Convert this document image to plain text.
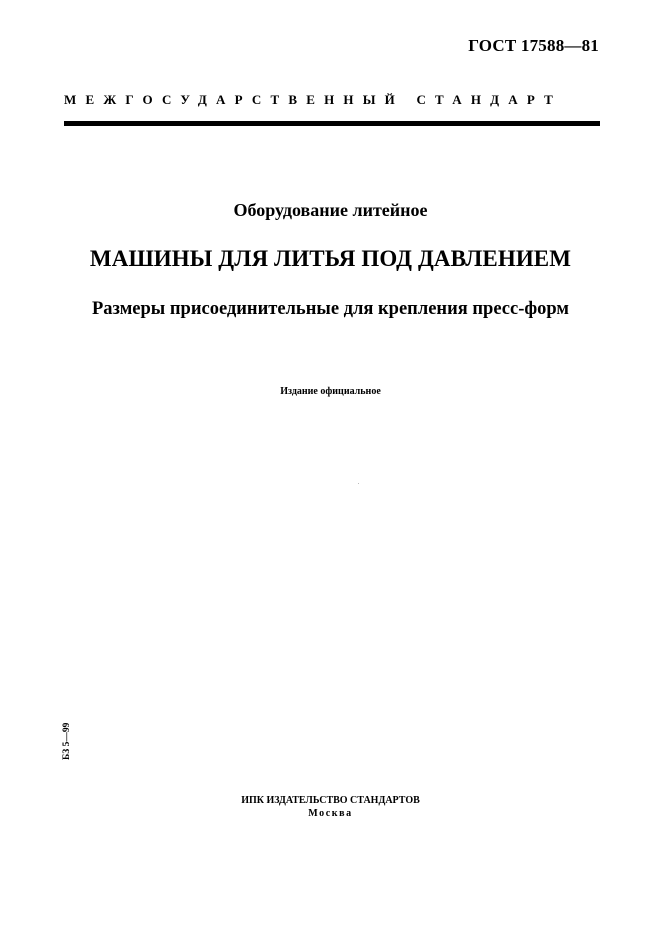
ГОСТ 17588—81
МЕЖГОСУДАРСТВЕННЫЙ СТАНДАРТ
Оборудование литейное
МАШИНЫ ДЛЯ ЛИТЬЯ ПОД ДАВЛЕНИЕМ
Размеры присоединительные для крепления пресс-форм
Издание официальное
БЗ 5—99
ИПК ИЗДАТЕЛЬСТВО СТАНДАРТОВ
Москва
